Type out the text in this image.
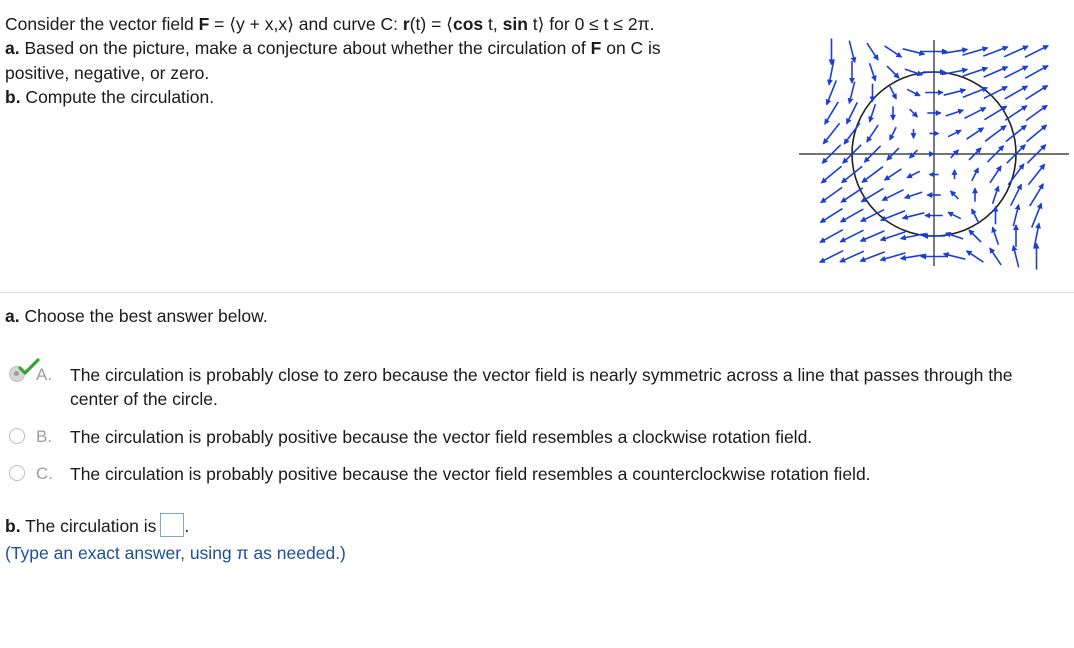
Consider the vector field F = ⟨y + x,x⟩ and curve C: r(t) = ⟨cos t, sin t⟩ for 0 ≤ t ≤ 2π.

a. Based on the picture, make a conjecture about whether the circulation of F on C is

positive, negative, or zero.

b. Compute the circulation.

a. Choose the best answer below.
A. The circulation is probably close to zero because the vector field is nearly symmetric across a line that passes through the center of the circle.
B. The circulation is probably positive because the vector field resembles a clockwise rotation field.
C. The circulation is probably positive because the vector field resembles a counterclockwise rotation field.
b. The circulation is .
(Type an exact answer, using π as needed.)
